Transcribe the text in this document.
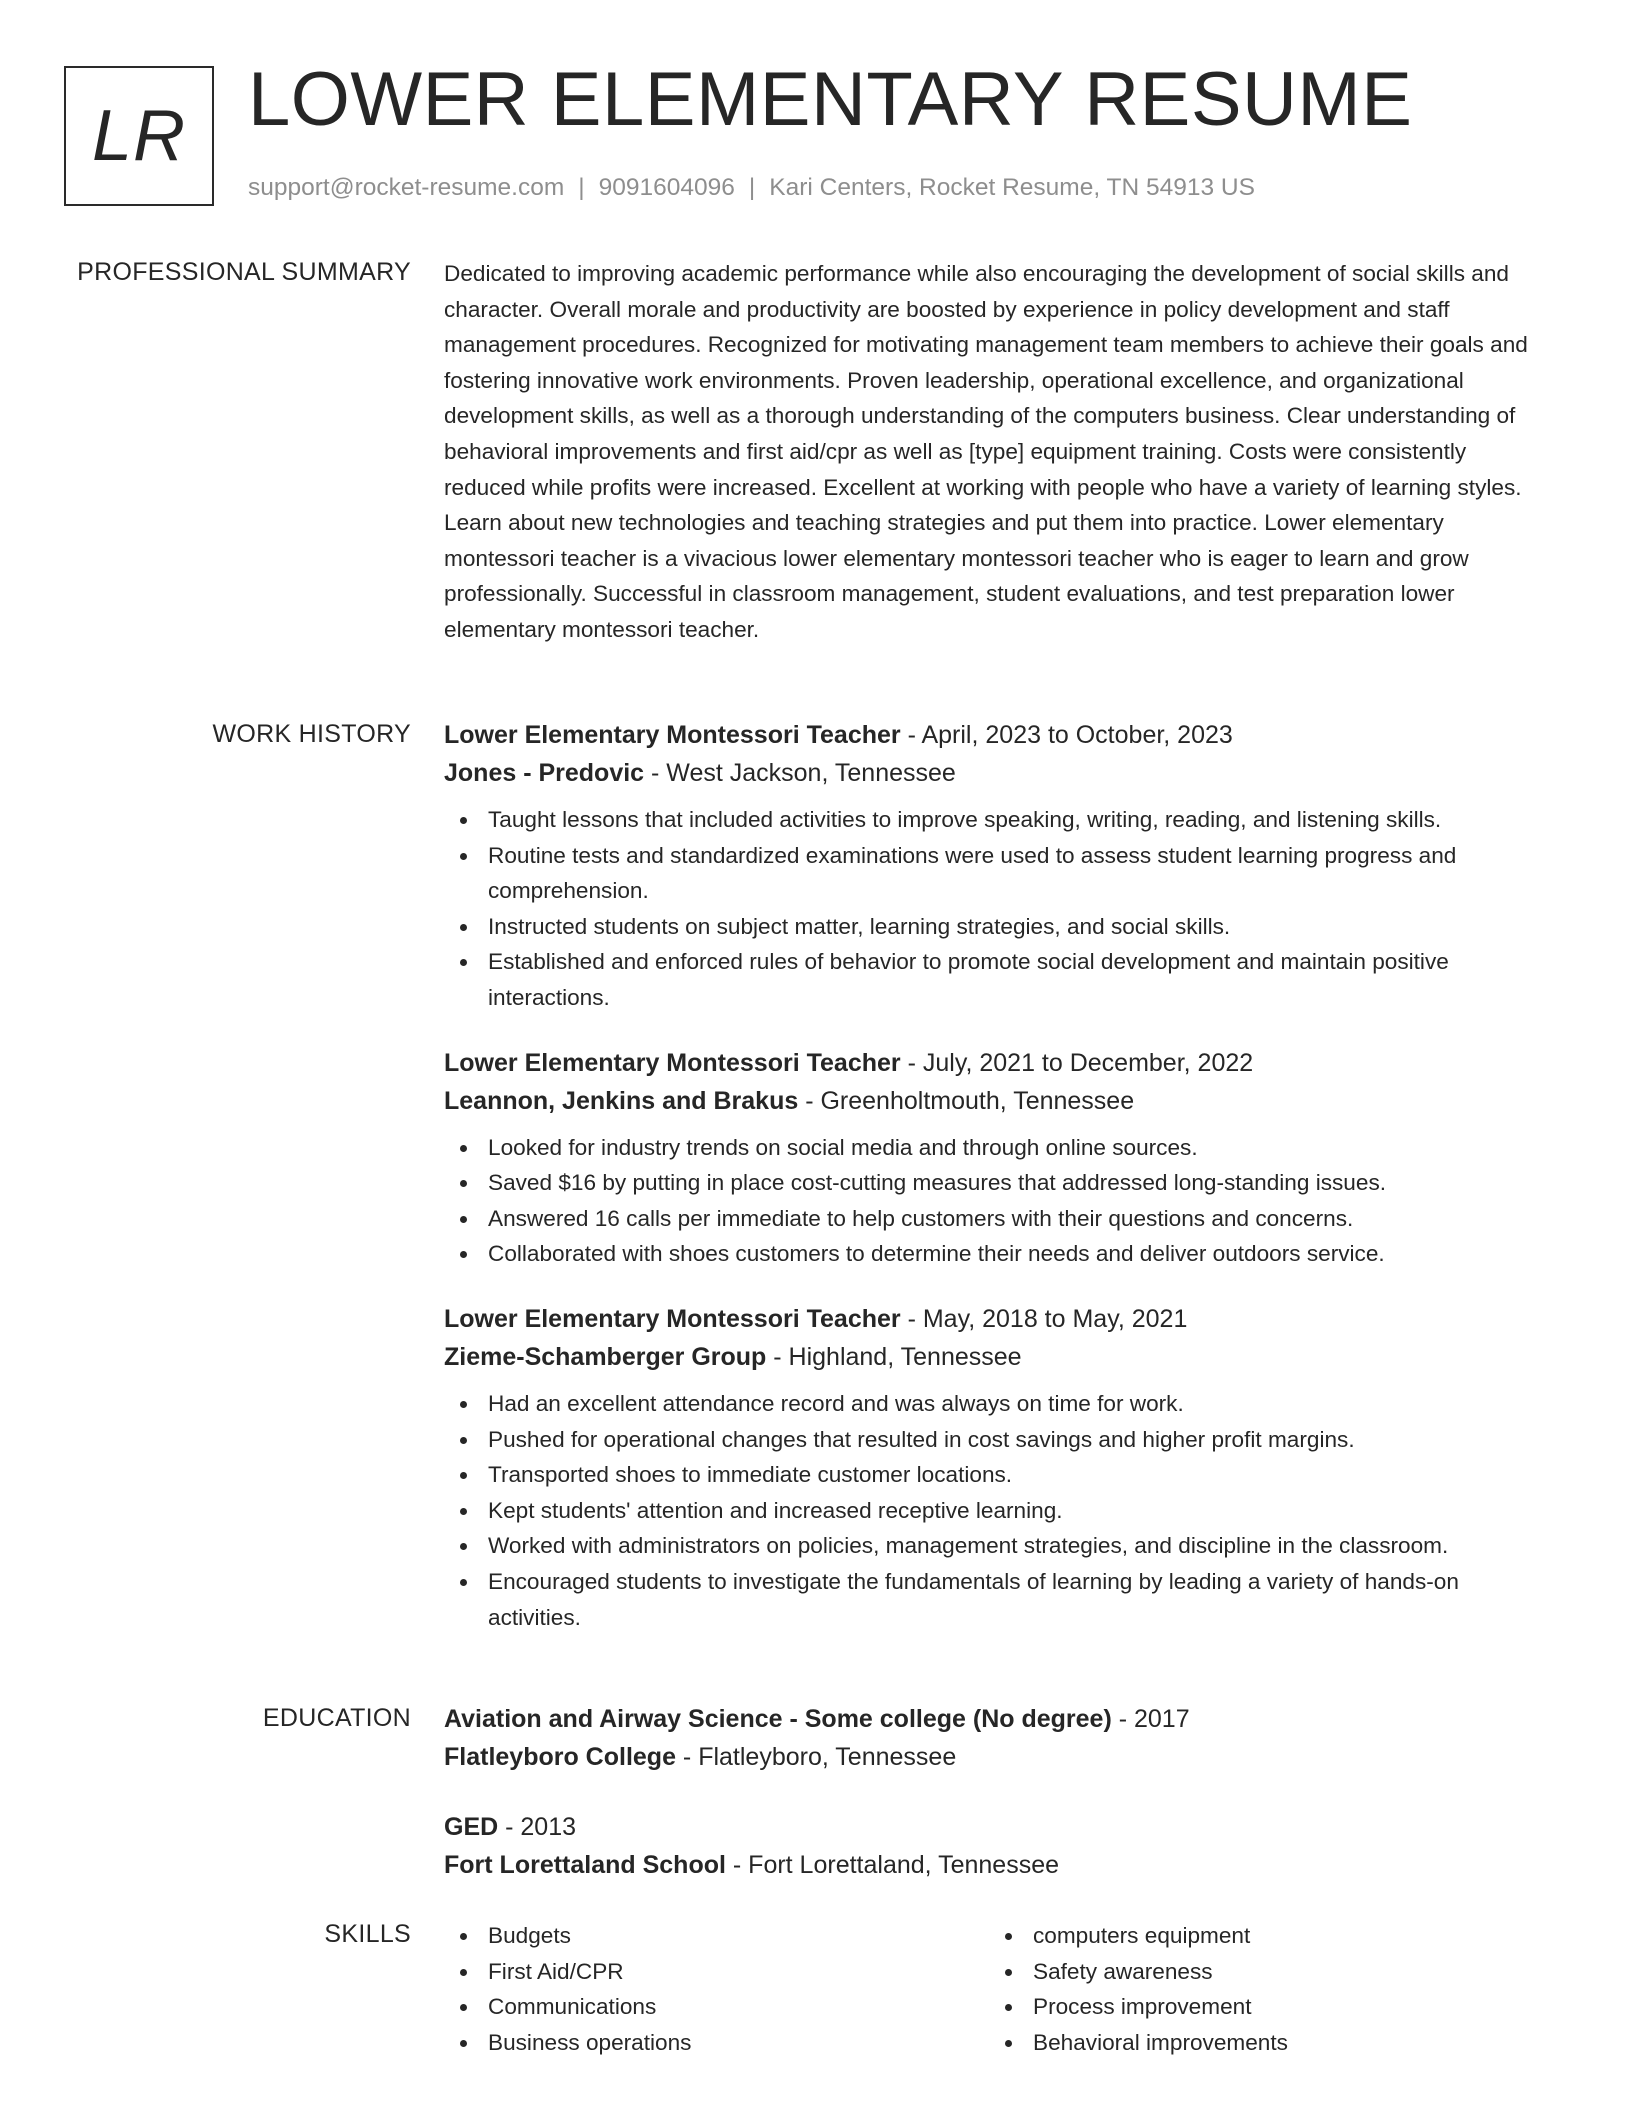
LR LOWER ELEMENTARY RESUME
support@rocket-resume.com | 9091604096 | Kari Centers, Rocket Resume, TN 54913 US
PROFESSIONAL SUMMARY Dedicated to improving academic performance while also encouraging the development of social skills and character. Overall morale and productivity are boosted by experience in policy development and staff management procedures. Recognized for motivating management team members to achieve their goals and fostering innovative work environments. Proven leadership, operational excellence, and organizational development skills, as well as a thorough understanding of the computers business. Clear understanding of behavioral improvements and first aid/cpr as well as [type] equipment training. Costs were consistently reduced while profits were increased. Excellent at working with people who have a variety of learning styles. Learn about new technologies and teaching strategies and put them into practice. Lower elementary montessori teacher is a vivacious lower elementary montessori teacher who is eager to learn and grow professionally. Successful in classroom management, student evaluations, and test preparation lower elementary montessori teacher.

WORK HISTORY Lower Elementary Montessori Teacher - April, 2023 to October, 2023
Jones - Predovic - West Jackson, Tennessee
Taught lessons that included activities to improve speaking, writing, reading, and listening skills.
Routine tests and standardized examinations were used to assess student learning progress and comprehension.
Instructed students on subject matter, learning strategies, and social skills.
Established and enforced rules of behavior to promote social development and maintain positive interactions.
Lower Elementary Montessori Teacher - July, 2021 to December, 2022
Leannon, Jenkins and Brakus - Greenholtmouth, Tennessee
Looked for industry trends on social media and through online sources.
Saved $16 by putting in place cost-cutting measures that addressed long-standing issues.
Answered 16 calls per immediate to help customers with their questions and concerns.
Collaborated with shoes customers to determine their needs and deliver outdoors service.
Lower Elementary Montessori Teacher - May, 2018 to May, 2021
Zieme-Schamberger Group - Highland, Tennessee
Had an excellent attendance record and was always on time for work.
Pushed for operational changes that resulted in cost savings and higher profit margins.
Transported shoes to immediate customer locations.
Kept students' attention and increased receptive learning.
Worked with administrators on policies, management strategies, and discipline in the classroom.
Encouraged students to investigate the fundamentals of learning by leading a variety of hands-on activities.
EDUCATION Aviation and Airway Science - Some college (No degree) - 2017
Flatleyboro College - Flatleyboro, Tennessee
GED - 2013
Fort Lorettaland School - Fort Lorettaland, Tennessee
SKILLS	Budgets
First Aid/CPR
Communications
Business operations
computers equipment
Safety awareness
Process improvement
Behavioral improvements
